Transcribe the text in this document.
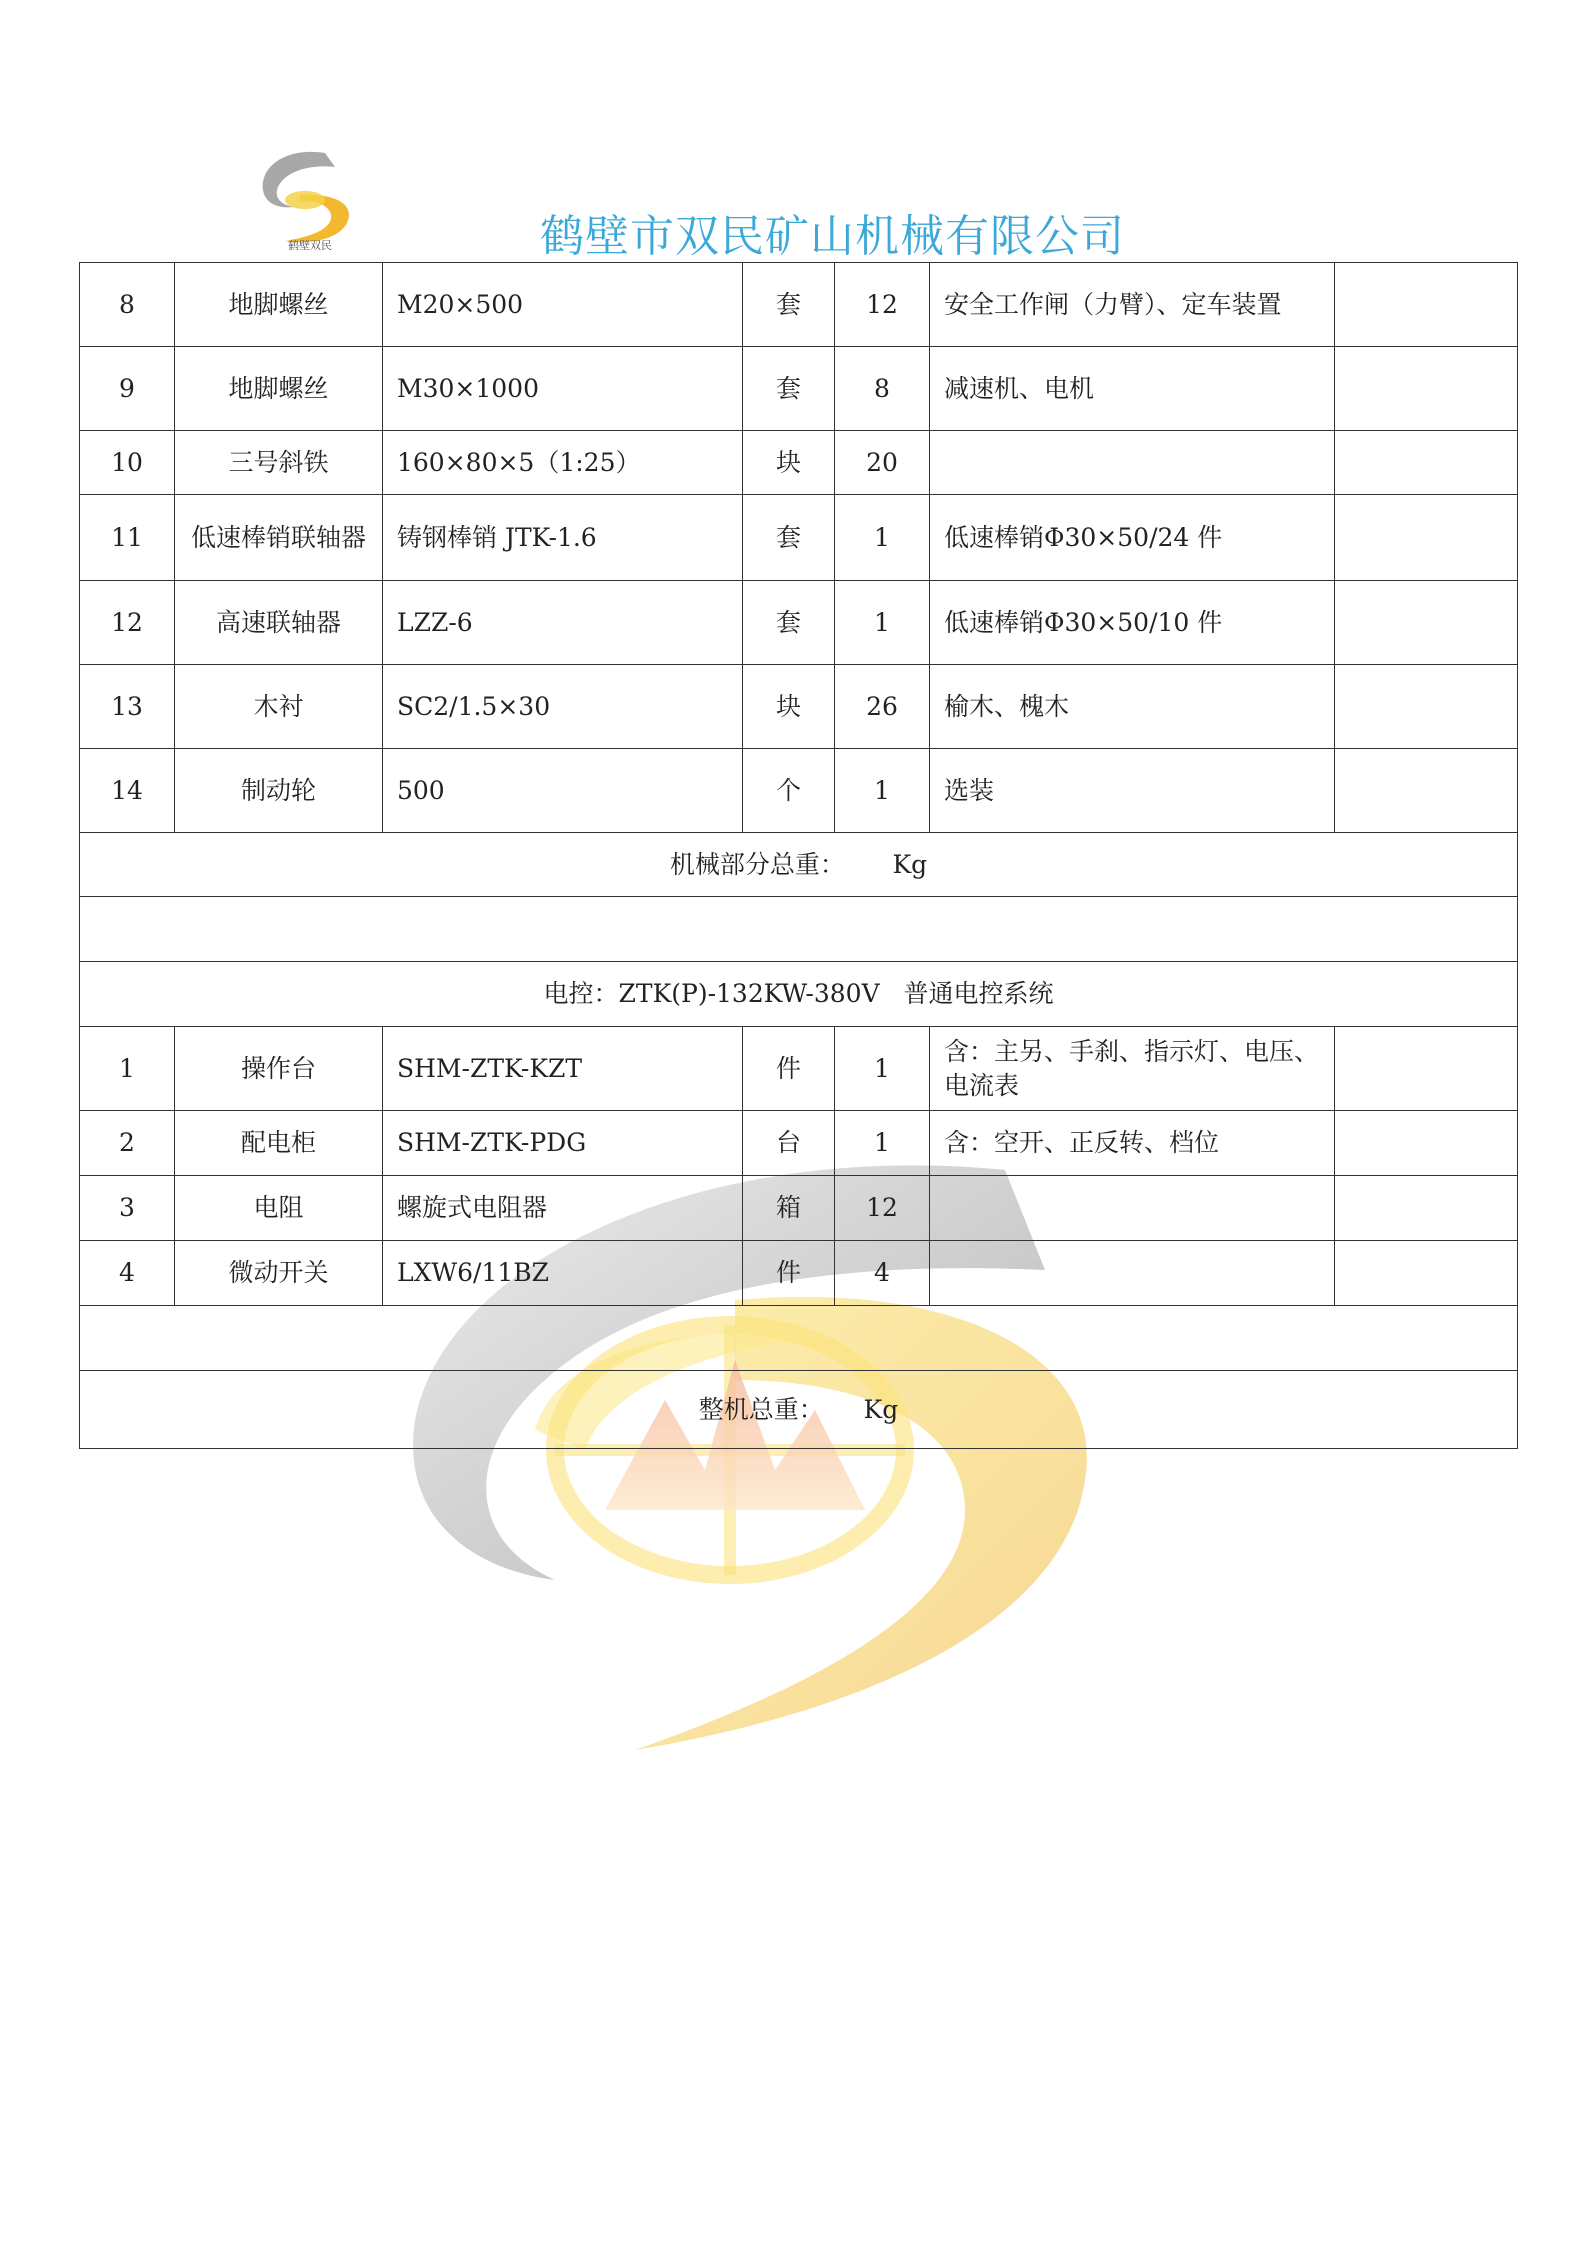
鹤壁双民	鹤壁市双民矿山机械有限公司
8	地脚螺丝	M20×500	套	12	安全工作闸（力臂）、定车装置	
9	地脚螺丝	M30×1000	套	8	减速机、电机	
10	三号斜铁	160×80×5（1:25）	块	20		
11	低速棒销联轴器	铸钢棒销 JTK-1.6	套	1	低速棒销Φ30×50/24 件	
12	高速联轴器	LZZ-6	套	1	低速棒销Φ30×50/10 件	
13	木衬	SC2/1.5×30	块	26	榆木、槐木	
14	制动轮	500	个	1	选装	
机械部分总重：      Kg						

电控：ZTK(P)-132KW-380V   普通电控系统						
1	操作台	SHM-ZTK-KZT	件	1	含：主另、手刹、指示灯、电压、电流表	
2	配电柜	SHM-ZTK-PDG	台	1	含：空开、正反转、档位	
3	电阻	螺旋式电阻器	箱	12		
4	微动开关	LXW6/11BZ	件	4		

整机总重：     Kg						
